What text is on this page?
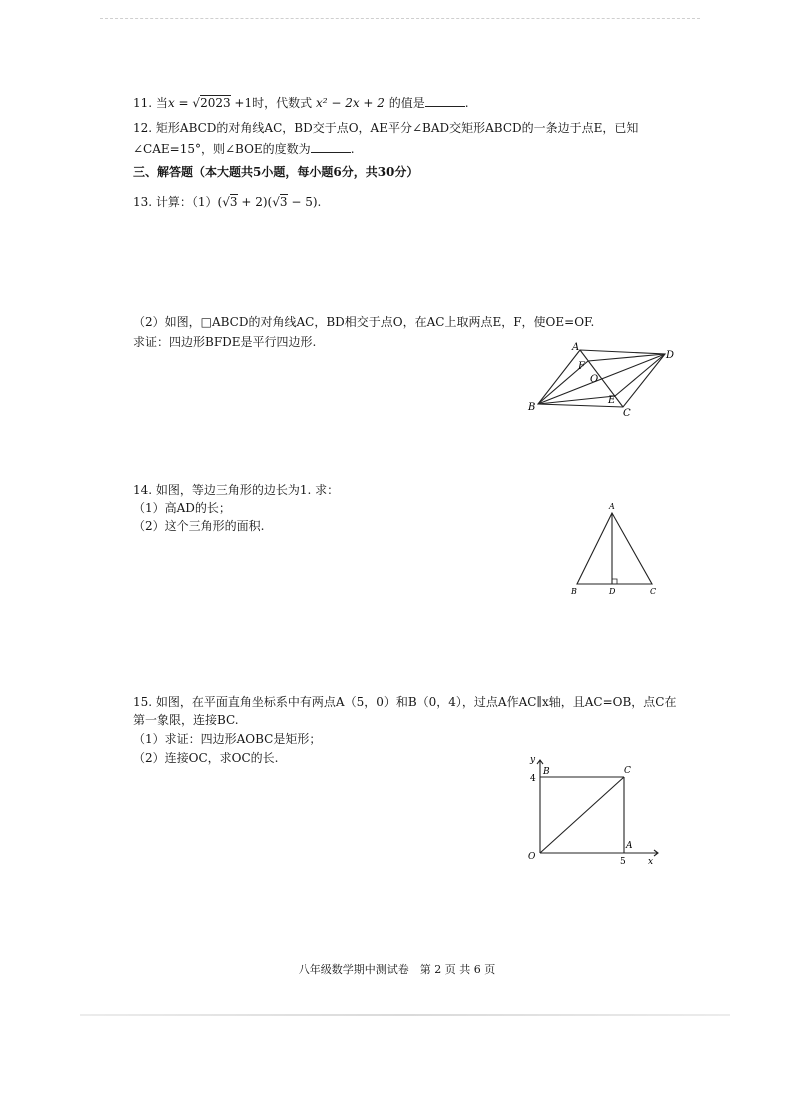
11. 当x = √2023 +1时，代数式 x² − 2x + 2 的值是	.
12. 矩形ABCD的对角线AC，BD交于点O，AE平分∠BAD交矩形ABCD的一条边于点E，已知
∠CAE=15°，则∠BOE的度数为	.
三、解答题（本大题共5小题，每小题6分，共30分）
13. 计算：（1）(√3 + 2)(√3 − 5).
（2）如图，□ABCD的对角线AC，BD相交于点O，在AC上取两点E，F，使OE=OF.
求证：四边形BFDE是平行四边形.	A
D
F
O
E
B
C
14. 如图，等边三角形的边长为1. 求：
（1）高AD的长；
（2）这个三角形的面积.
A
B	D	C
15. 如图，在平面直角坐标系中有两点A（5，0）和B（0，4），过点A作AC∥x轴，且AC=OB，点C在
第一象限，连接BC.
（1）求证：四边形AOBC是矩形；
（2）连接OC，求OC的长.	y
4
B	C
A
O	5 x
八年级数学期中测试卷　第 2 页 共 6 页
